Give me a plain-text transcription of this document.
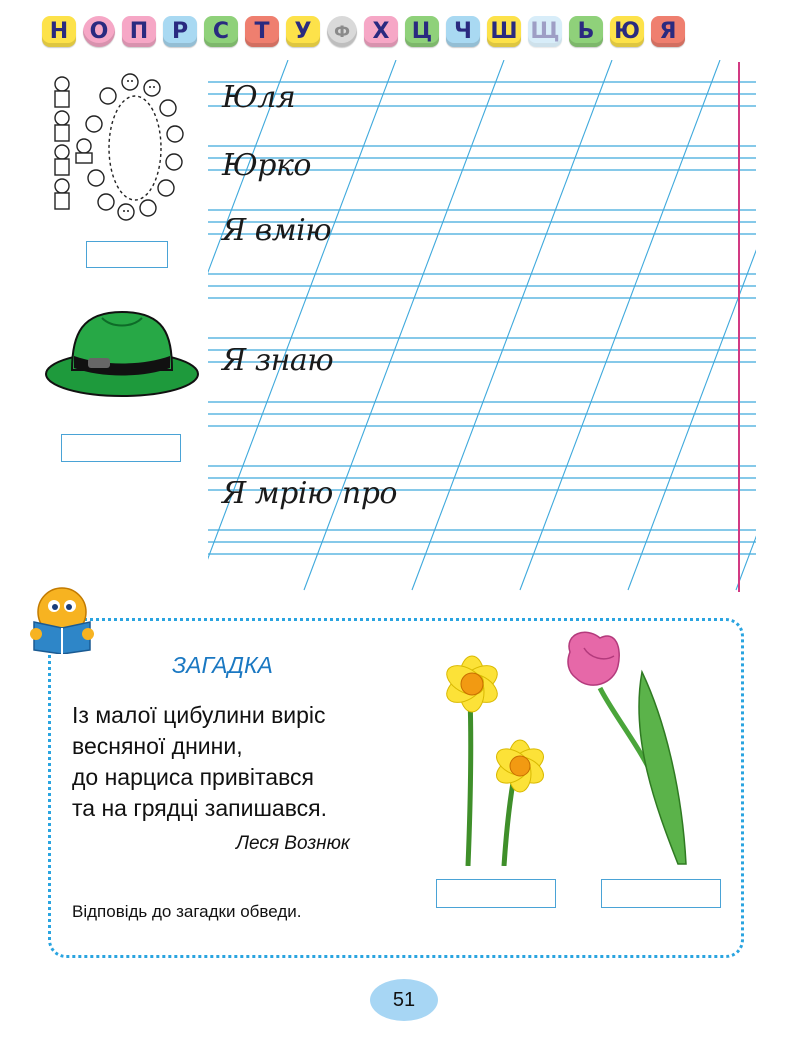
Н О П	Р	С	Т	У	Ф	Х	Ц Ч Ш Щ Ь Ю Я
Юля
Юрко
Я вмію
Я знаю
Я мрію про
ЗАГАДКА
Із малої цибулини виріс
весняної днини,
до нарциса привітався
та на грядці запишався.
Леся Вознюк
Відповідь до загадки обведи.
51
